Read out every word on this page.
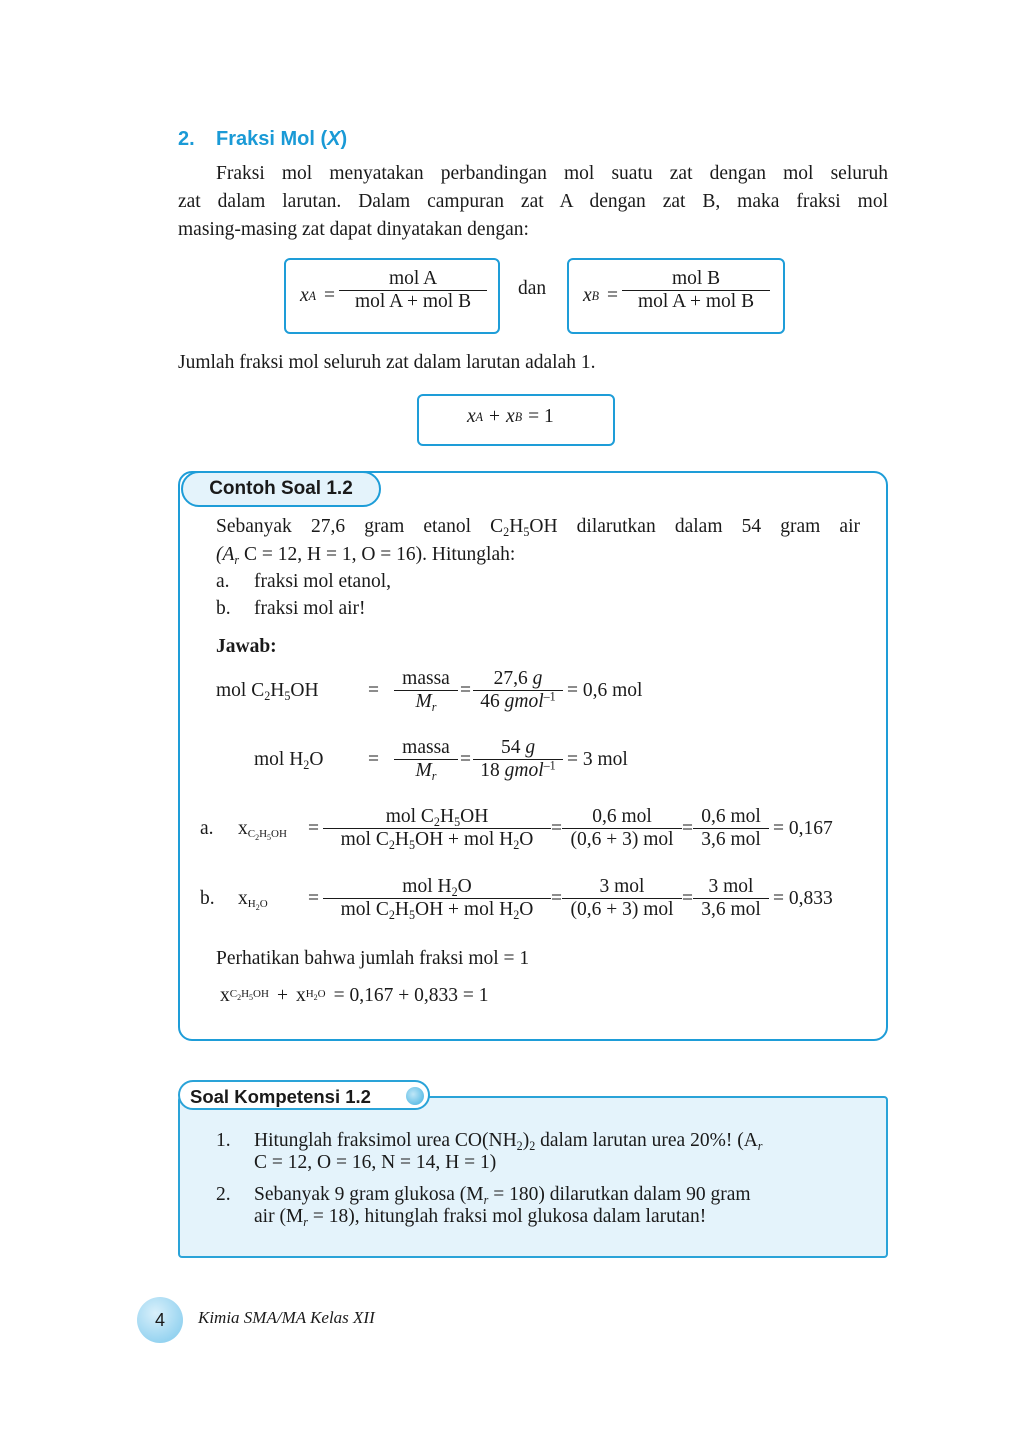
2. Fraksi Mol (X)
Fraksi mol menyatakan perbandingan mol suatu zat dengan mol seluruh
zat dalam larutan. Dalam campuran zat A dengan zat B, maka fraksi mol
masing-masing zat dapat dinyatakan dengan:
x $A = \frac{\text{mol A}}{\text{mol A + mol B}}$ dan x $B = \frac{\text{mol B}}{\text{mol A + mol B}}$
Jumlah fraksi mol seluruh zat dalam larutan adalah 1.
x A + x B = 1
Contoh Soal 1.2
Sebanyak 27,6 gram etanol $C_2H_5OH$ dilarutkan dalam 54 gram air
($A_r$ C = 12, H = 1, O = 16). Hitunglah:
a. fraksi mol etanol,
b. fraksi mol air!
Jawab:
mol $C_2H_5OH$	= $\frac{\text{massa}}{M_r} = \frac{27,6 g}{46 gmol^{-1}} = 0,6$ mol
mol $H_2O$	= $\frac{\text{massa}}{M_r} = \frac{54 g}{18 gmol^{-1}} = 3$ mol
a.	$x_{C_2H_5OH}$	= $\frac{mol C_2H_5OH}{mol C_2H_5OH + mol H_2O} = \frac{\text{0,6 mol}}{\text{(0,6 + 3) mol}} = \frac{\text{0,6 mol}}{\text{3,6 mol}} = 0,167$
b.	$x_{H_2O}$	= $\frac{mol H_2O}{mol C_2H_5OH + mol H_2O} = \frac{\text{3 mol}}{\text{(0,6 + 3) mol}} = \frac{\text{3 mol}}{\text{3,6 mol}} = 0,833$
Perhatikan bahwa jumlah fraksi mol = 1
x $C_2H_5OH + x$ $H_2O = 0,167 + 0,833 = 1$
Soal Kompetensi 1.2
1.	Hitunglah fraksimol urea $CO(NH_2)_2$ dalam larutan urea 20%! ($A_r$
C = 12, O = 16, N = 14, H = 1)
2.	Sebanyak 9 gram glukosa $(M_r = 180)$ dilarutkan dalam 90 gram
air $(M_r = 18)$, hitunglah fraksi mol glukosa dalam larutan!
4	Kimia SMA/MA Kelas XII
